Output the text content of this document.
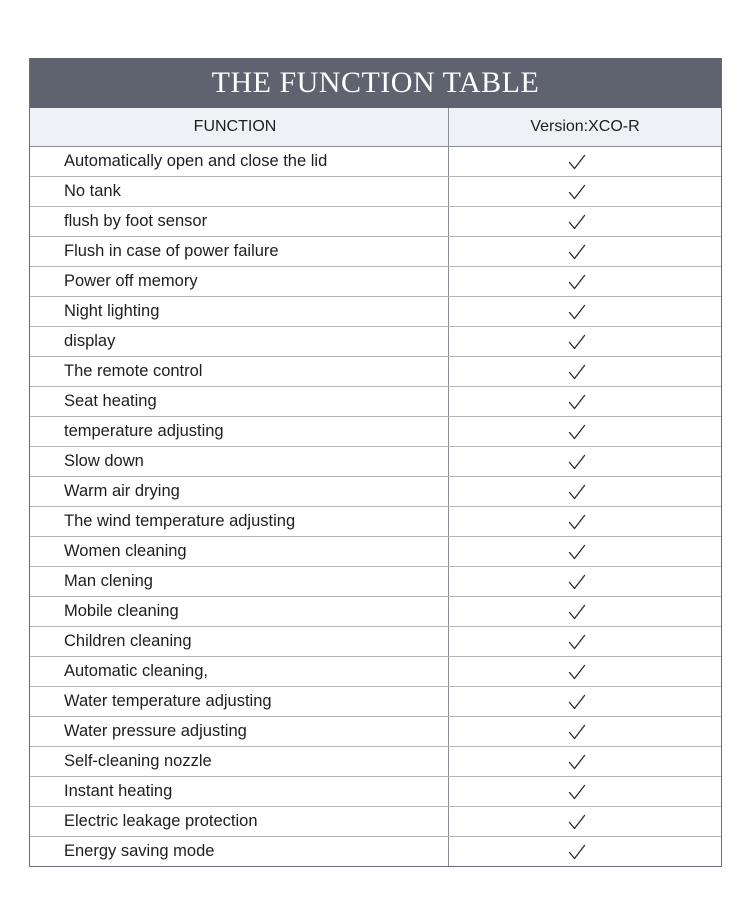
THE FUNCTION TABLE
FUNCTION	Version:XCO-R
Automatically open and close the lid
No tank
flush by foot sensor
Flush in case of power failure
Power off memory
Night lighting
display
The remote control
Seat heating
temperature adjusting
Slow down
Warm air drying
The wind temperature adjusting
Women cleaning
Man clening
Mobile cleaning
Children cleaning
Automatic cleaning,
Water temperature adjusting
Water pressure adjusting
Self-cleaning nozzle
Instant heating
Electric leakage protection
Energy saving mode
